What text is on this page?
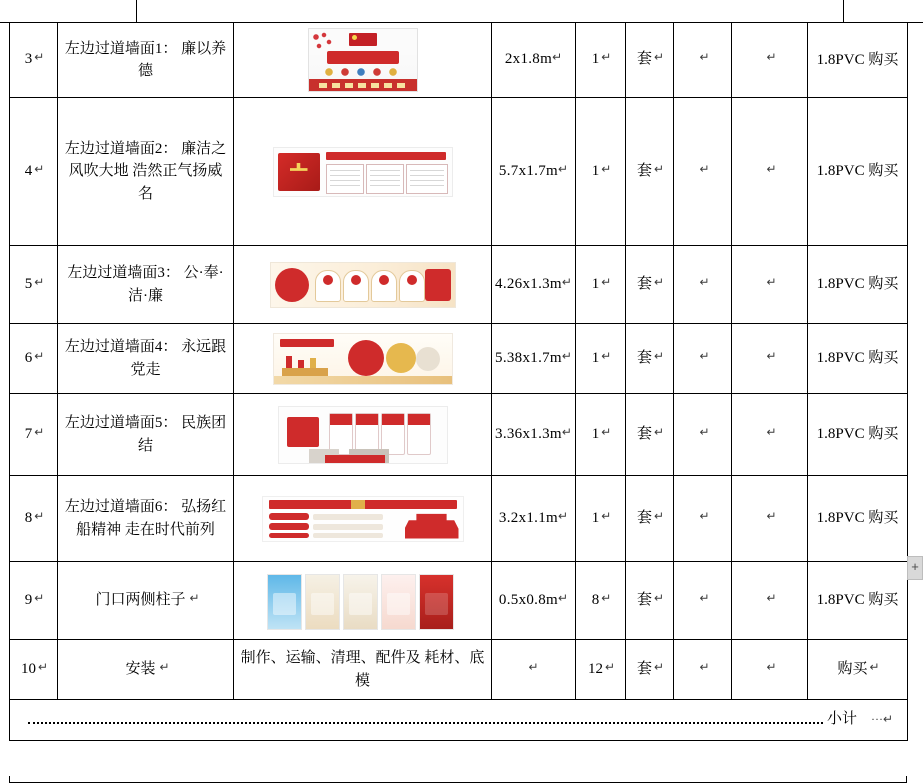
3 ↵	左边过道墙面1： 廉以养德		2x1.8m↵	1 ↵	套 ↵	↵	↵	1.8PVC 购买

4 ↵	左边过道墙面2： 廉洁之风吹大地 浩然正气扬威名		5.7x1.7m↵	1 ↵	套 ↵	↵	↵	1.8PVC 购买

5 ↵	左边过道墙面3： 公·奉·洁·廉		4.26x1.3m↵	1 ↵	套 ↵	↵	↵	1.8PVC 购买

6 ↵	左边过道墙面4： 永远跟党走		5.38x1.7m↵	1 ↵	套 ↵	↵	↵	1.8PVC 购买

7 ↵	左边过道墙面5： 民族团结		3.36x1.3m↵	1 ↵	套 ↵	↵	↵	1.8PVC 购买

8 ↵	左边过道墙面6： 弘扬红船精神 走在时代前列		3.2x1.1m↵	1 ↵	套 ↵	↵	↵	1.8PVC 购买

9 ↵	门口两侧柱子 ↵		0.5x0.8m↵	8 ↵	套 ↵	↵	↵	1.8PVC 购买

10 ↵	安装 ↵	制作、运输、清理、配件及 耗材、底模	↵	12 ↵	套 ↵	↵	↵	购买 ↵

小计 ···↵								
+
